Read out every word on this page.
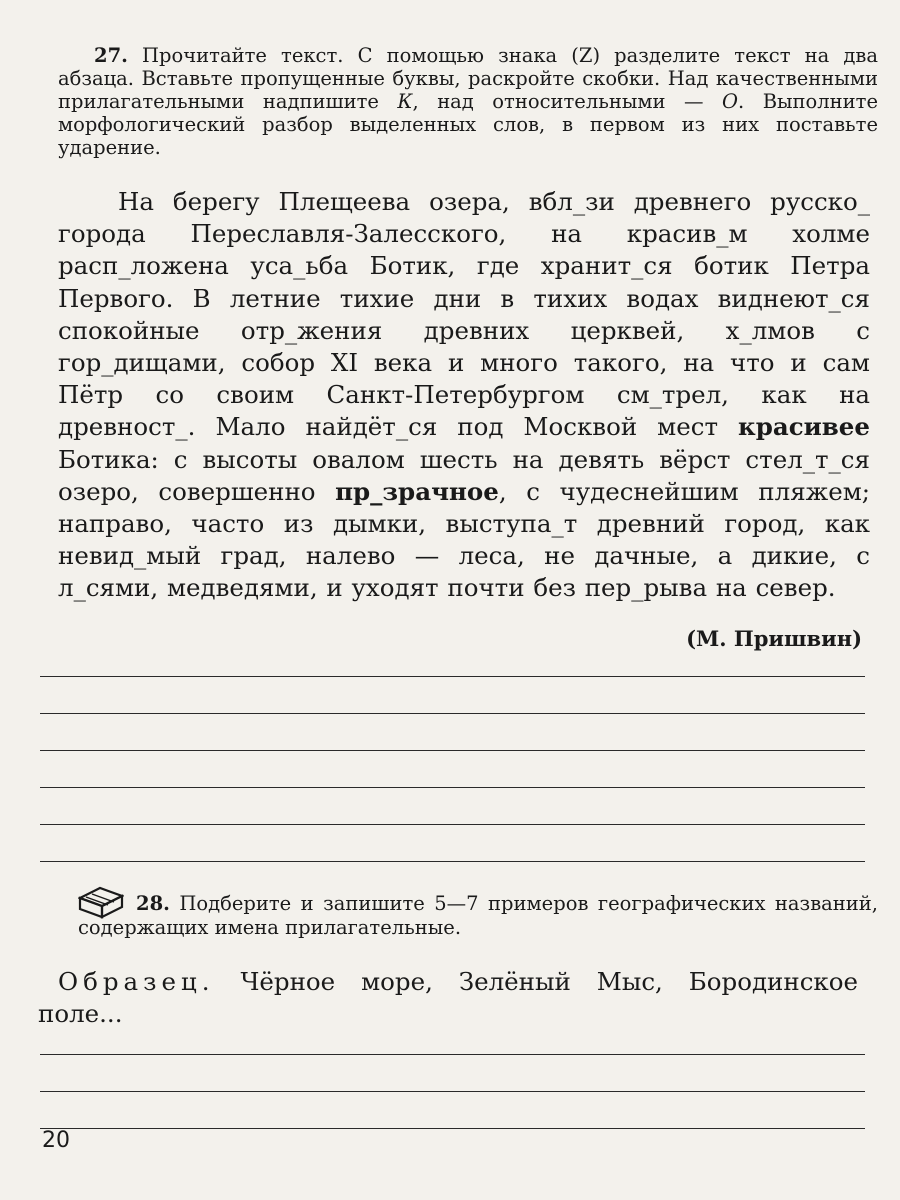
27. Прочитайте текст. С помощью знака (Z) разделите текст на два абзаца. Вставьте пропущенные буквы, раскройте скобки. Над качественными прилагательными надпишите К, над относительными — О. Выполните морфологический разбор выделенных слов, в первом из них поставьте ударение.
На берегу Плещеева озера, вбл_зи древнего русско_ города Переславля-Залесского, на красив_м холме расп_ложена уса_ьба Ботик, где хранит_ся ботик Петра Первого. В летние тихие дни в тихих водах виднеют_ся спокойные отр_жения древних церквей, х_лмов с гор_дищами, собор XI века и много такого, на что и сам Пётр со своим Санкт-Петербургом см_трел, как на древност_. Мало найдёт_ся под Москвой мест красивее Ботика: с высоты овалом шесть на девять вёрст стел_т_ся озеро, совершенно пр_зрачное, с чудеснейшим пляжем; направо, часто из дымки, выступа_т древний город, как невид_мый град, налево — леса, не дачные, а дикие, с л_сями, медведями, и уходят почти без пер_рыва на север.
(М. Пришвин)
28. Подберите и запишите 5—7 примеров географических названий, содержащих имена прилагательные.
Образец. Чёрное море, Зелёный Мыс, Бородинское поле...
20
